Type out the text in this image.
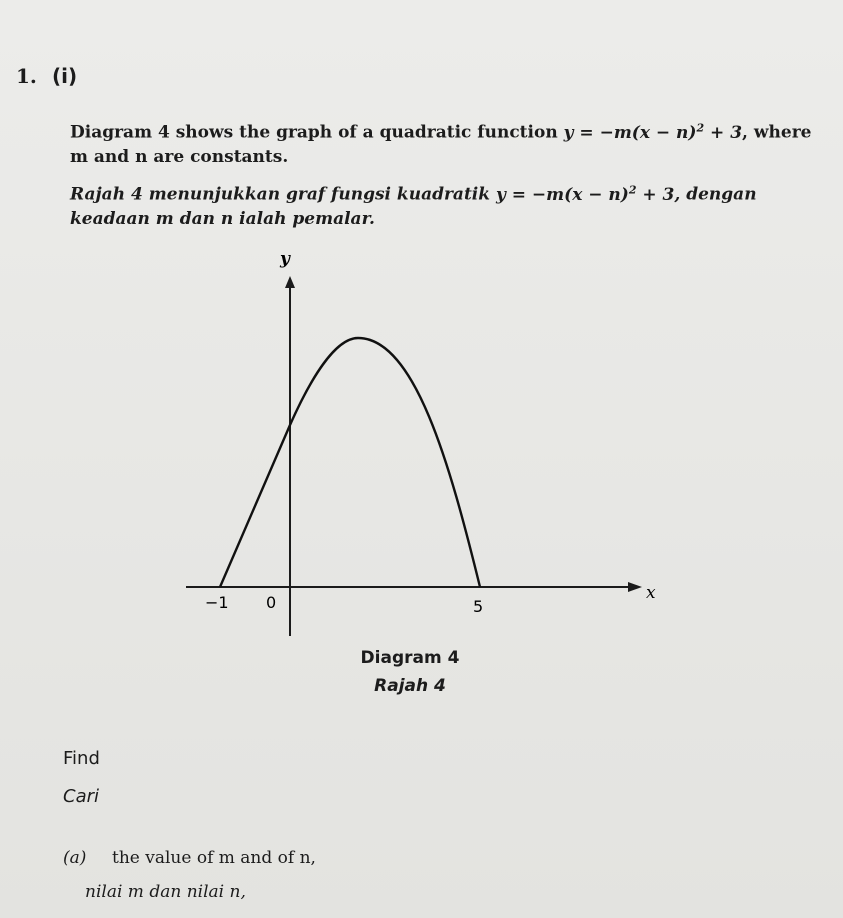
1. (i)
Diagram 4 shows the graph of a quadratic function $y = -m(x - n)^2 + 3$, where m and n are constants.
Rajah 4 menunjukkan graf fungsi kuadratik $y = -m(x - n)^2 + 3$, dengan keadaan m dan n ialah pemalar.
y
x
−1 0	5
Diagram 4
Rajah 4
Find
Cari
(a) the value of m and of n,
nilai m dan nilai n,
